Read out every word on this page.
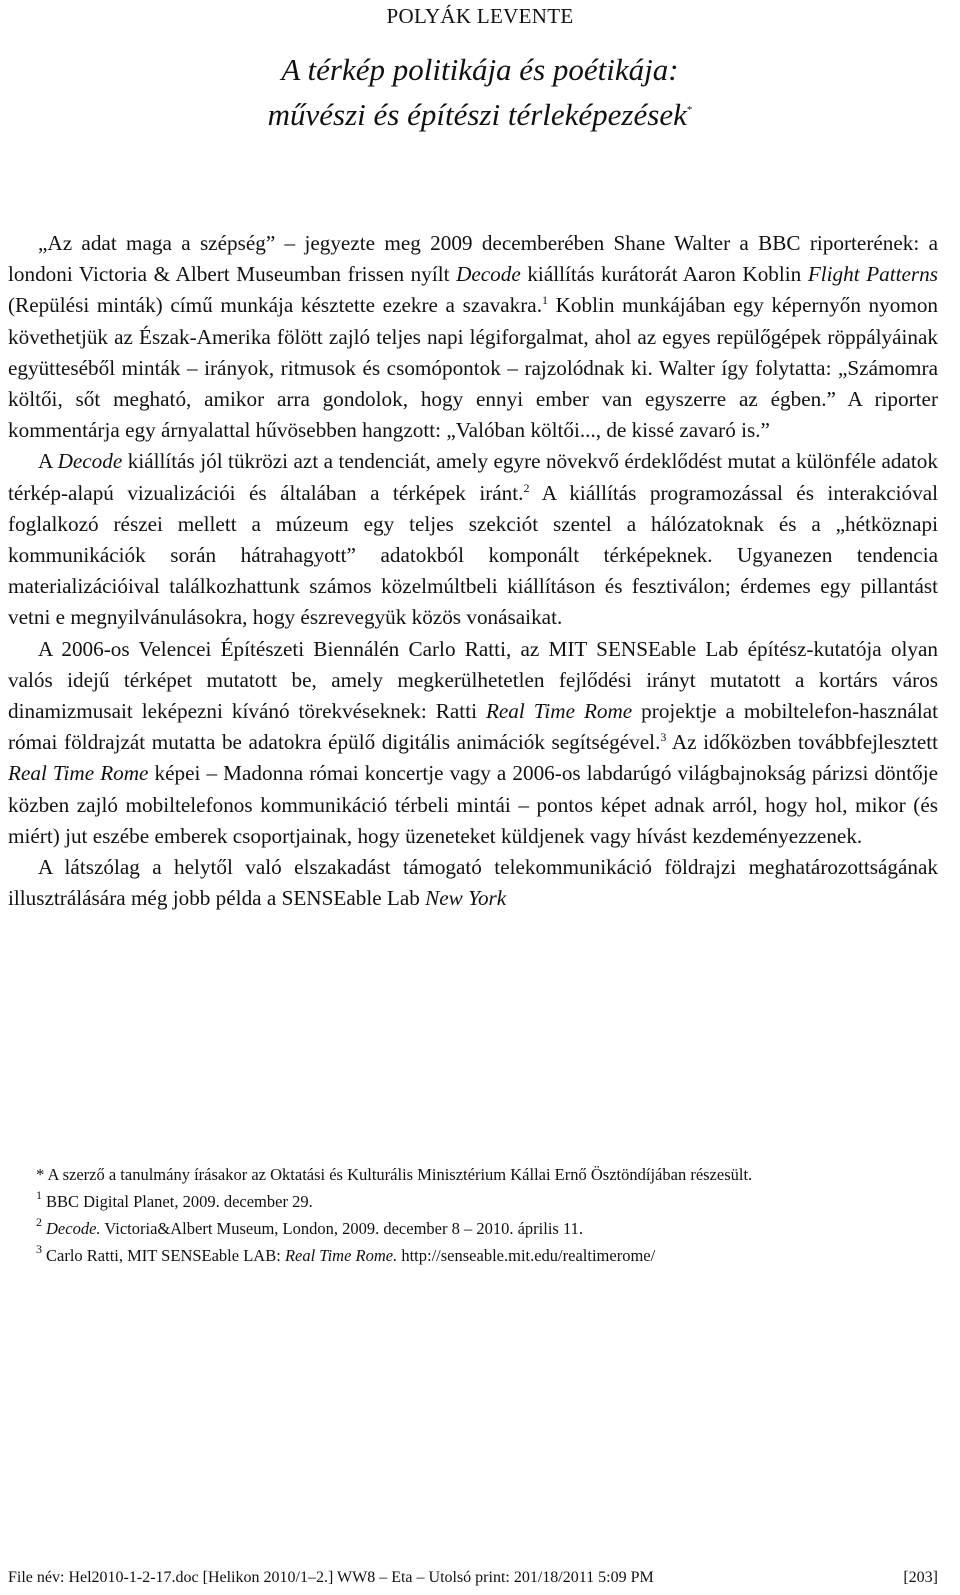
POLYÁK LEVENTE
A térkép politikája és poétikája:
művészi és építészi térleképezések*

„Az adat maga a szépség” – jegyezte meg 2009 decemberében Shane Walter a BBC riporterének: a londoni Victoria & Albert Museumban frissen nyílt Decode kiállítás kurátorát Aaron Koblin Flight Patterns (Repülési minták) című munkája késztette ezekre a szavakra.$^1$ Koblin munkájában egy képernyőn nyomon követhetjük az Észak-Amerika fölött zajló teljes napi légiforgalmat, ahol az egyes repülőgépek röppályáinak együtteséből minták – irányok, ritmusok és csomópontok – rajzolódnak ki. Walter így folytatta: „Számomra költői, sőt megható, amikor arra gondolok, hogy ennyi ember van egyszerre az égben.” A riporter kommentárja egy árnyalattal hűvösebben hangzott: „Valóban költői..., de kissé zavaró is.”

A Decode kiállítás jól tükrözi azt a tendenciát, amely egyre növekvő érdeklődést mutat a különféle adatok térkép-alapú vizualizációi és általában a térképek iránt.$^2$ A kiállítás programozással és interakcióval foglalkozó részei mellett a múzeum egy teljes szekciót szentel a hálózatoknak és a „hétköznapi kommunikációk során hátrahagyott” adatokból komponált térképeknek. Ugyanezen tendencia materializációival találkozhattunk számos közelmúltbeli kiállításon és fesztiválon; érdemes egy pillantást vetni e megnyilvánulásokra, hogy észrevegyük közös vonásaikat.

A 2006-os Velencei Építészeti Biennálén Carlo Ratti, az MIT SENSEable Lab építész-kutatója olyan valós idejű térképet mutatott be, amely megkerülhetetlen fejlődési irányt mutatott a kortárs város dinamizmusait leképezni kívánó törekvéseknek: Ratti Real Time Rome projektje a mobiltelefon-használat római földrajzát mutatta be adatokra épülő digitális animációk segítségével.$^3$ Az időközben továbbfejlesztett Real Time Rome képei – Madonna római koncertje vagy a 2006-os labdarúgó világbajnokság párizsi döntője közben zajló mobiltelefonos kommunikáció térbeli mintái – pontos képet adnak arról, hogy hol, mikor (és miért) jut eszébe emberek csoportjainak, hogy üzeneteket küldjenek vagy hívást kezdeményezzenek.

A látszólag a helytől való elszakadást támogató telekommunikáció földrajzi meghatározottságának illusztrálására még jobb példa a SENSEable Lab New York

* A szerző a tanulmány írásakor az Oktatási és Kulturális Minisztérium Kállai Ernő Ösztöndíjában részesült.

$^1$ BBC Digital Planet, 2009. december 29.

$^2$ Decode. Victoria&Albert Museum, London, 2009. december 8 – 2010. április 11.

$^3$ Carlo Ratti, MIT SENSEable LAB: Real Time Rome. http://senseable.mit.edu/realtimerome/

File név: Hel2010-1-2-17.doc [Helikon 2010/1–2.] WW8 – Eta – Utolsó print: 201/18/2011 5:09 PM	[203]
